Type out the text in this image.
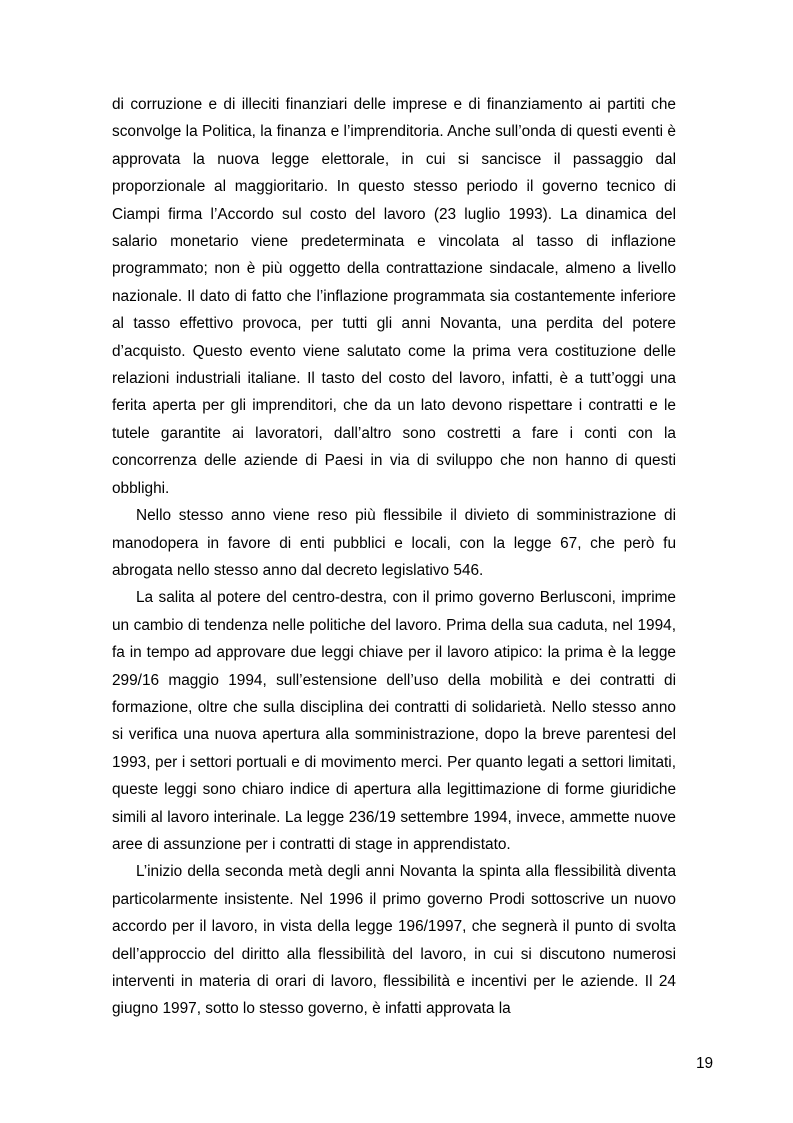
di corruzione e di illeciti finanziari delle imprese e di finanziamento ai partiti che sconvolge la Politica, la finanza e l’imprenditoria. Anche sull’onda di questi eventi è approvata la nuova legge elettorale, in cui si sancisce il passaggio dal proporzionale al maggioritario. In questo stesso periodo il governo tecnico di Ciampi firma l’Accordo sul costo del lavoro (23 luglio 1993). La dinamica del salario monetario viene predeterminata e vincolata al tasso di inflazione programmato; non è più oggetto della contrattazione sindacale, almeno a livello nazionale. Il dato di fatto che l’inflazione programmata sia costantemente inferiore al tasso effettivo provoca, per tutti gli anni Novanta, una perdita del potere d’acquisto. Questo evento viene salutato come la prima vera costituzione delle relazioni industriali italiane. Il tasto del costo del lavoro, infatti, è a tutt’oggi una ferita aperta per gli imprenditori, che da un lato devono rispettare i contratti e le tutele garantite ai lavoratori, dall’altro sono costretti a fare i conti con la concorrenza delle aziende di Paesi in via di sviluppo che non hanno di questi obblighi.

Nello stesso anno viene reso più flessibile il divieto di somministrazione di manodopera in favore di enti pubblici e locali, con la legge 67, che però fu abrogata nello stesso anno dal decreto legislativo 546.

La salita al potere del centro-destra, con il primo governo Berlusconi, imprime un cambio di tendenza nelle politiche del lavoro. Prima della sua caduta, nel 1994, fa in tempo ad approvare due leggi chiave per il lavoro atipico: la prima è la legge 299/16 maggio 1994, sull’estensione dell’uso della mobilità e dei contratti di formazione, oltre che sulla disciplina dei contratti di solidarietà. Nello stesso anno si verifica una nuova apertura alla somministrazione, dopo la breve parentesi del 1993, per i settori portuali e di movimento merci. Per quanto legati a settori limitati, queste leggi sono chiaro indice di apertura alla legittimazione di forme giuridiche simili al lavoro interinale. La legge 236/19 settembre 1994, invece, ammette nuove aree di assunzione per i contratti di stage in apprendistato.

L’inizio della seconda metà degli anni Novanta la spinta alla flessibilità diventa particolarmente insistente. Nel 1996 il primo governo Prodi sottoscrive un nuovo accordo per il lavoro, in vista della legge 196/1997, che segnerà il punto di svolta dell’approccio del diritto alla flessibilità del lavoro, in cui si discutono numerosi interventi in materia di orari di lavoro, flessibilità e incentivi per le aziende. Il 24 giugno 1997, sotto lo stesso governo, è infatti approvata la

19
